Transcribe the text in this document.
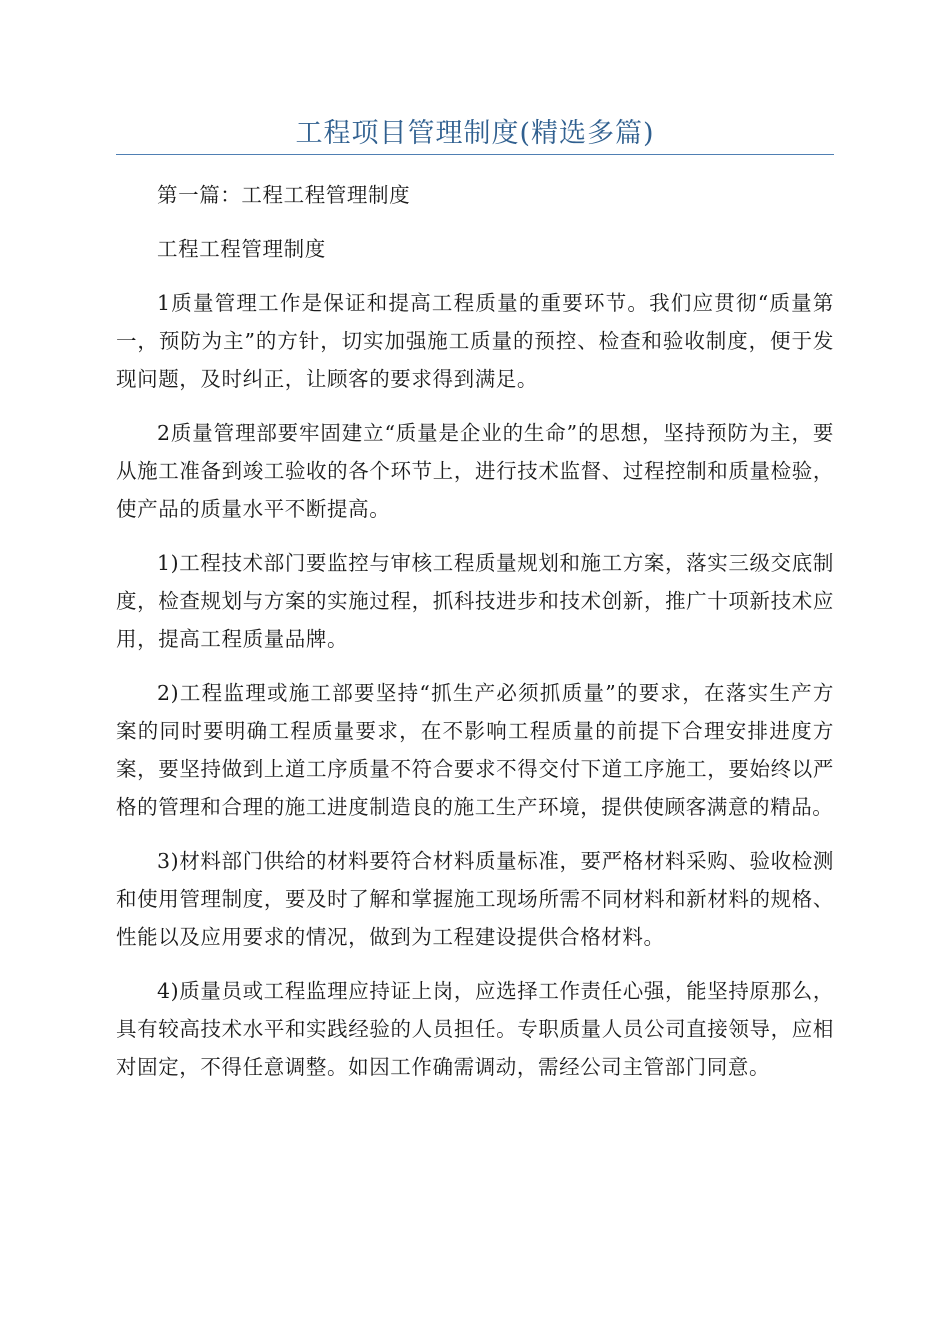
工程项目管理制度(精选多篇)

第一篇：工程工程管理制度

工程工程管理制度

1质量管理工作是保证和提高工程质量的重要环节。我们应贯彻“质量第一，预防为主”的方针，切实加强施工质量的预控、检查和验收制度，便于发现问题，及时纠正，让顾客的要求得到满足。

2质量管理部要牢固建立“质量是企业的生命”的思想，坚持预防为主，要从施工准备到竣工验收的各个环节上，进行技术监督、过程控制和质量检验，使产品的质量水平不断提高。

1)工程技术部门要监控与审核工程质量规划和施工方案，落实三级交底制度，检查规划与方案的实施过程，抓科技进步和技术创新，推广十项新技术应用，提高工程质量品牌。

2)工程监理或施工部要坚持“抓生产必须抓质量”的要求，在落实生产方案的同时要明确工程质量要求，在不影响工程质量的前提下合理安排进度方案，要坚持做到上道工序质量不符合要求不得交付下道工序施工，要始终以严格的管理和合理的施工进度制造良的施工生产环境，提供使顾客满意的精品。

3)材料部门供给的材料要符合材料质量标准，要严格材料采购、验收检测和使用管理制度，要及时了解和掌握施工现场所需不同材料和新材料的规格、性能以及应用要求的情况，做到为工程建设提供合格材料。

4)质量员或工程监理应持证上岗，应选择工作责任心强，能坚持原那么，具有较高技术水平和实践经验的人员担任。专职质量人员公司直接领导，应相对固定，不得任意调整。如因工作确需调动，需经公司主管部门同意。
